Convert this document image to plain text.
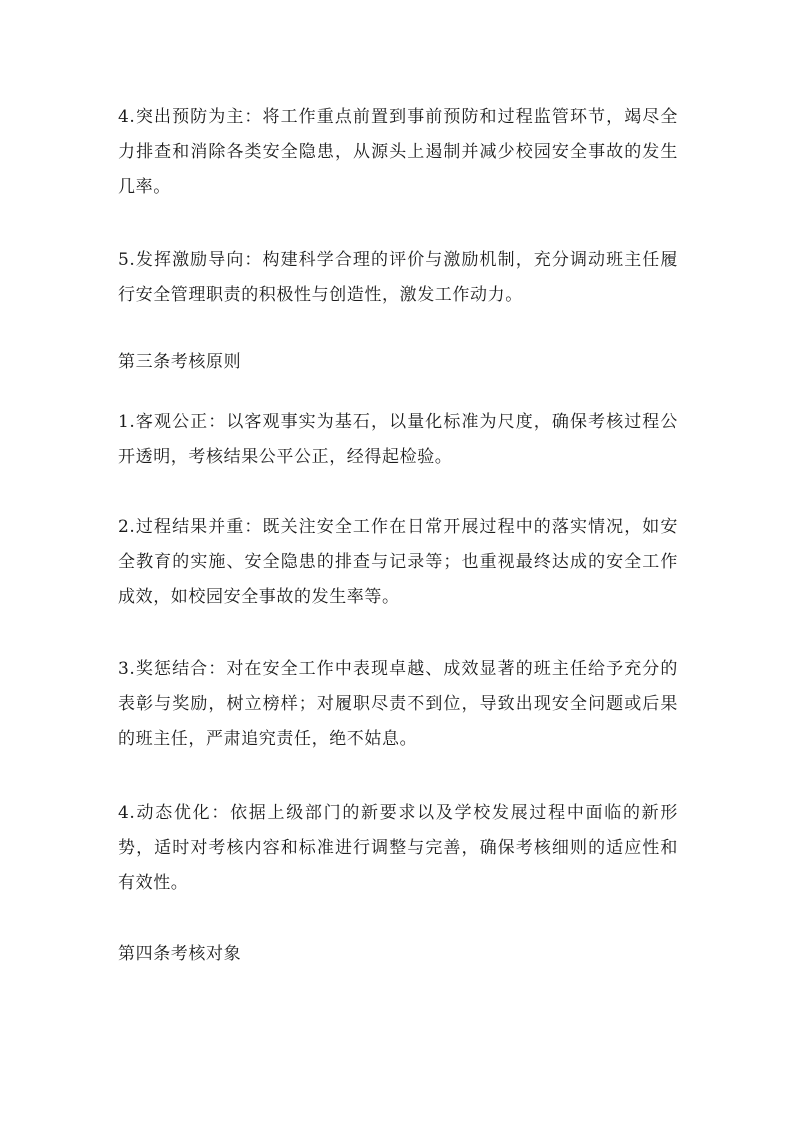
4.突出预防为主：将工作重点前置到事前预防和过程监管环节，竭尽全力排查和消除各类安全隐患，从源头上遏制并减少校园安全事故的发生几率。

5.发挥激励导向：构建科学合理的评价与激励机制，充分调动班主任履行安全管理职责的积极性与创造性，激发工作动力。

第三条考核原则

1.客观公正：以客观事实为基石，以量化标准为尺度，确保考核过程公开透明，考核结果公平公正，经得起检验。

2.过程结果并重：既关注安全工作在日常开展过程中的落实情况，如安全教育的实施、安全隐患的排查与记录等；也重视最终达成的安全工作成效，如校园安全事故的发生率等。

3.奖惩结合：对在安全工作中表现卓越、成效显著的班主任给予充分的表彰与奖励，树立榜样；对履职尽责不到位，导致出现安全问题或后果的班主任，严肃追究责任，绝不姑息。

4.动态优化：依据上级部门的新要求以及学校发展过程中面临的新形势，适时对考核内容和标准进行调整与完善，确保考核细则的适应性和有效性。

第四条考核对象
